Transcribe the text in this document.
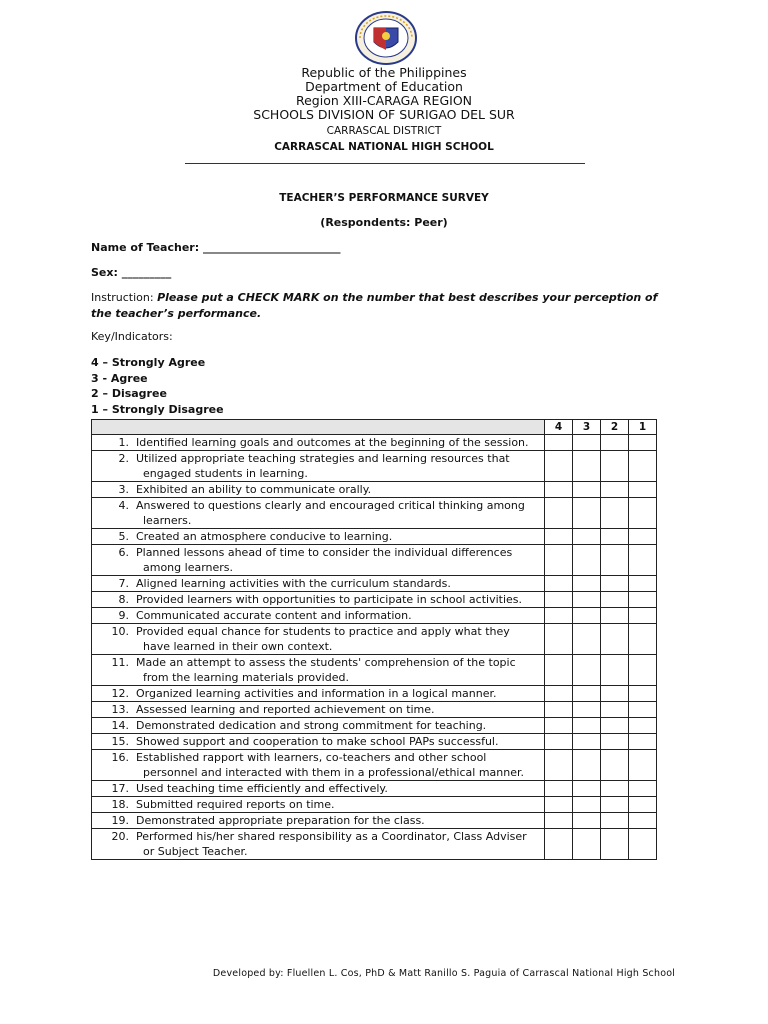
Republic of the Philippines
Department of Education
Region XIII-CARAGA REGION
SCHOOLS DIVISION OF SURIGAO DEL SUR
CARRASCAL DISTRICT
CARRASCAL NATIONAL HIGH SCHOOL
TEACHER’S PERFORMANCE SURVEY
(Respondents: Peer)
Name of Teacher: _________________________
Sex: _________
Instruction: Please put a CHECK MARK on the number that best describes your perception of the teacher’s performance.
Key/Indicators:
4 – Strongly Agree
3 - Agree
2 – Disagree
1 – Strongly Disagree
	4	3	2	1

1. Identified learning goals and outcomes at the beginning of the session.				

2. Utilized appropriate teaching strategies and learning resources that engaged students in learning.				

3. Exhibited an ability to communicate orally.				

4. Answered to questions clearly and encouraged critical thinking among learners.				

5. Created an atmosphere conducive to learning.				

6. Planned lessons ahead of time to consider the individual differences among learners.				

7. Aligned learning activities with the curriculum standards.				

8. Provided learners with opportunities to participate in school activities.				

9. Communicated accurate content and information.				

10. Provided equal chance for students to practice and apply what they have learned in their own context.				

11. Made an attempt to assess the students' comprehension of the topic from the learning materials provided.				

12. Organized learning activities and information in a logical manner.				

13. Assessed learning and reported achievement on time.				

14. Demonstrated dedication and strong commitment for teaching.				

15. Showed support and cooperation to make school PAPs successful.				

16. Established rapport with learners, co-teachers and other school personnel and interacted with them in a professional/ethical manner.				

17. Used teaching time efficiently and effectively.				

18. Submitted required reports on time.				

19. Demonstrated appropriate preparation for the class.				

20. Performed his/her shared responsibility as a Coordinator, Class Adviser or Subject Teacher.				

Developed by: Fluellen L. Cos, PhD & Matt Ranillo S. Paguia of Carrascal National High School
